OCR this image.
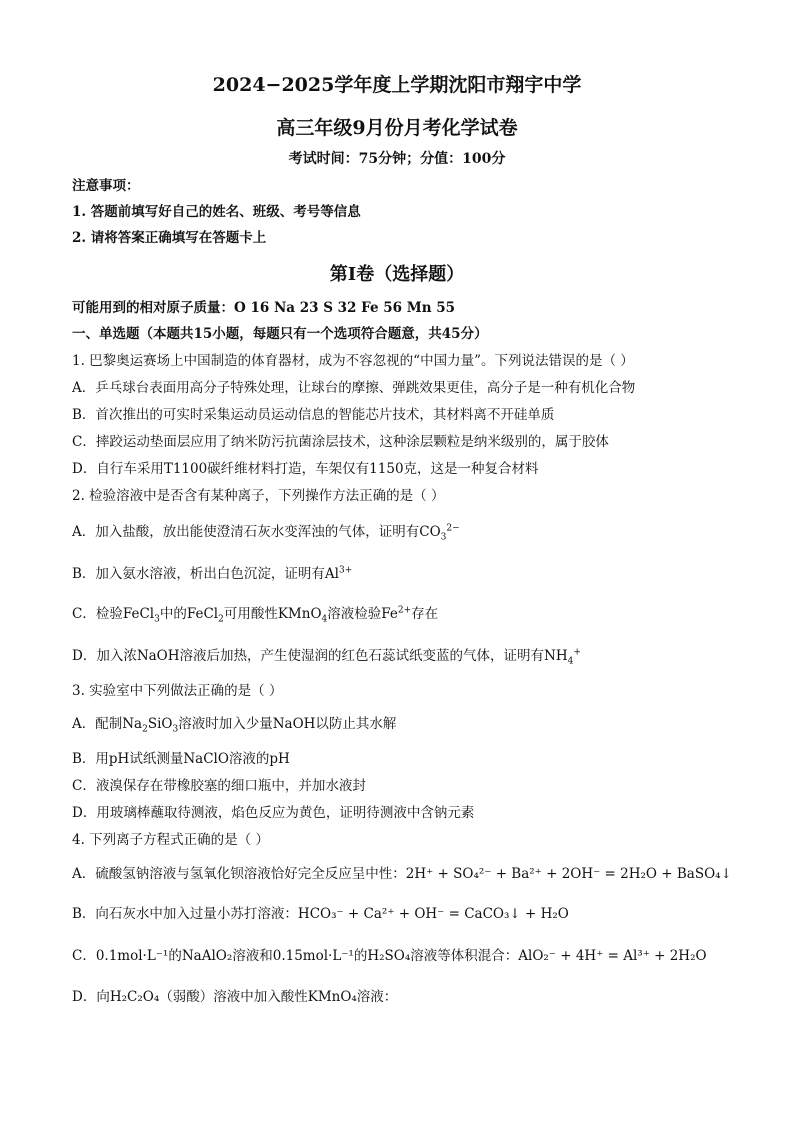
2024−2025学年度上学期沈阳市翔宇中学
高三年级9月份月考化学试卷
考试时间：75分钟；分值：100分
注意事项：
1. 答题前填写好自己的姓名、班级、考号等信息
2. 请将答案正确填写在答题卡上
第Ⅰ卷（选择题）
可能用到的相对原子质量：O 16 Na 23 S 32 Fe 56 Mn 55
一、单选题（本题共15小题，每题只有一个选项符合题意，共45分）
1. 巴黎奥运赛场上中国制造的体育器材，成为不容忽视的“中国力量”。下列说法错误的是（ ）
A．乒乓球台表面用高分子特殊处理，让球台的摩擦、弹跳效果更佳，高分子是一种有机化合物
B．首次推出的可实时采集运动员运动信息的智能芯片技术，其材料离不开硅单质
C．摔跤运动垫面层应用了纳米防污抗菌涂层技术，这种涂层颗粒是纳米级别的，属于胶体
D．自行车采用T1100碳纤维材料打造，车架仅有1150克，这是一种复合材料
2. 检验溶液中是否含有某种离子，下列操作方法正确的是（ ）
A．加入盐酸，放出能使澄清石灰水变浑浊的气体，证明有$CO_3^{2-}$
B．加入氨水溶液，析出白色沉淀，证明有$Al^{3+}$
C．检验FeCl$_3$中的FeCl$_2$可用酸性KMnO$_4$溶液检验$Fe^{2+}$存在
D．加入浓NaOH溶液后加热，产生使湿润的红色石蕊试纸变蓝的气体，证明有$NH_4^+$
3. 实验室中下列做法正确的是（ ）
A．配制$Na_2SiO_3$溶液时加入少量NaOH以防止其水解
B．用pH试纸测量NaClO溶液的pH
C．液溴保存在带橡胶塞的细口瓶中，并加水液封
D．用玻璃棒蘸取待测液，焰色反应为黄色，证明待测液中含钠元素
4. 下列离子方程式正确的是（ ）
A．硫酸氢钠溶液与氢氧化钡溶液恰好完全反应呈中性：2H⁺ + SO₄²⁻ + Ba²⁺ + 2OH⁻ = 2H₂O + BaSO₄↓
B．向石灰水中加入过量小苏打溶液：HCO₃⁻ + Ca²⁺ + OH⁻ = CaCO₃↓ + H₂O
C．0.1mol·L⁻¹的NaAlO₂溶液和0.15mol·L⁻¹的H₂SO₄溶液等体积混合：AlO₂⁻ + 4H⁺ = Al³⁺ + 2H₂O
D．向H₂C₂O₄（弱酸）溶液中加入酸性KMnO₄溶液：
